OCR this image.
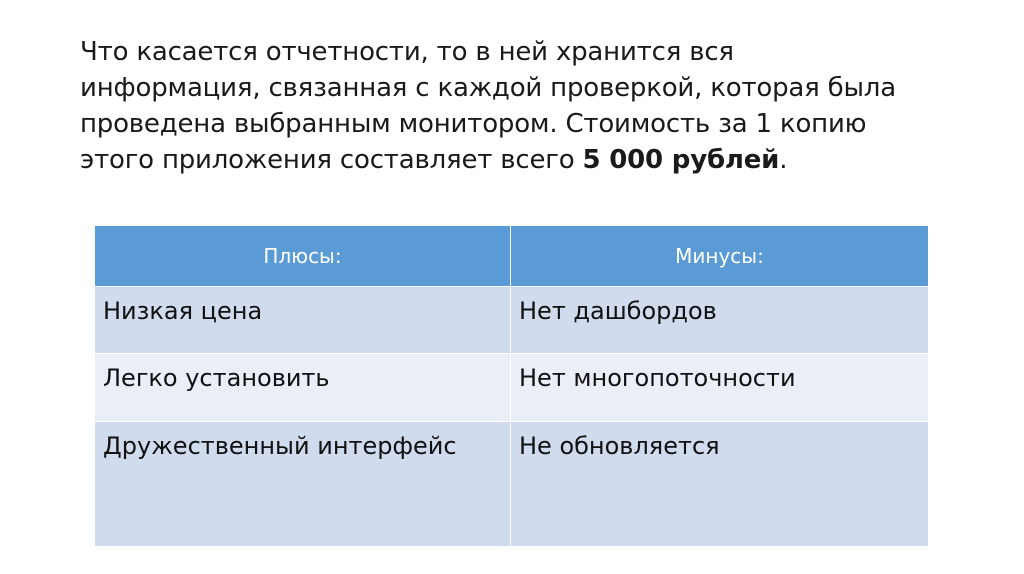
Что касается отчетности, то в ней хранится вся
информация, связанная с каждой проверкой, которая была
проведена выбранным монитором. Стоимость за 1 копию
этого приложения составляет всего 5 000 рублей.
Плюсы:	Минусы:
Низкая цена	Нет дашбордов
Легко установить	Нет многопоточности
Дружественный интерфейс	Не обновляется
